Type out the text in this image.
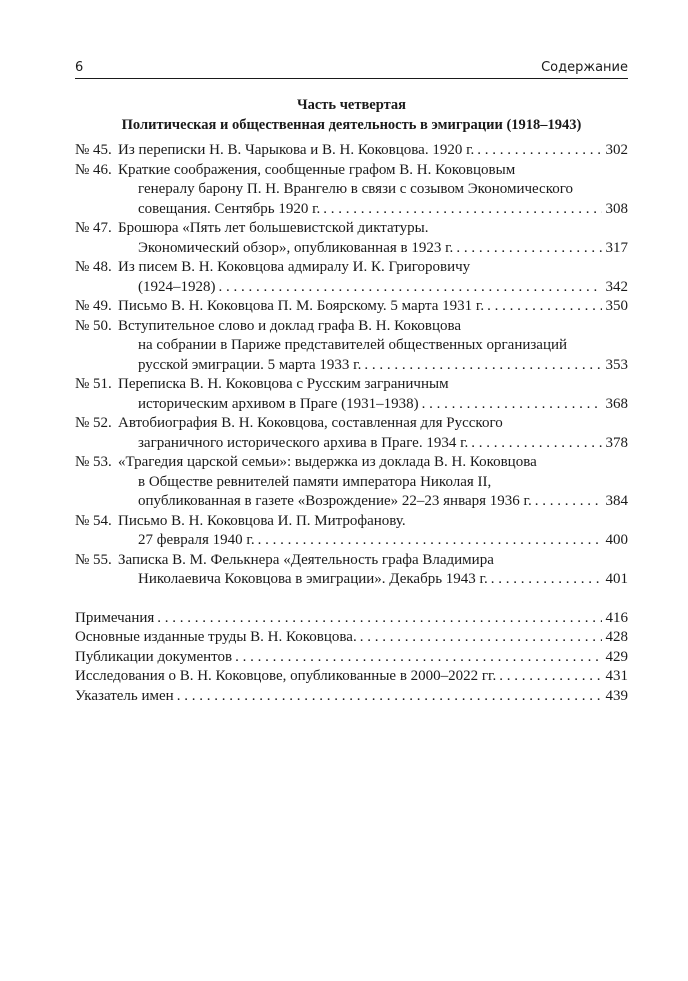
6	Содержание
Часть четвертая
Политическая и общественная деятельность в эмиграции (1918–1943)
№ 45. Из переписки Н. В. Чарыкова и В. Н. Коковцова. 1920 г. . . .	302
№ 46. Краткие соображения, сообщенные графом В. Н. Коковцовым
генералу барону П. Н. Врангелю в связи с созывом Экономического
совещания. Сентябрь 1920 г. . . .	308
№ 47. Брошюра «Пять лет большевистской диктатуры.
Экономический обзор», опубликованная в 1923 г. . . .	317
№ 48. Из писем В. Н. Коковцова адмиралу И. К. Григоровичу
(1924–1928) . . .	342
№ 49. Письмо В. Н. Коковцова П. М. Боярскому. 5 марта 1931 г. . . .	350
№ 50. Вступительное слово и доклад графа В. Н. Коковцова
на собрании в Париже представителей общественных организаций
русской эмиграции. 5 марта 1933 г. . . .	353
№ 51. Переписка В. Н. Коковцова с Русским заграничным
историческим архивом в Праге (1931–1938) . . .	368
№ 52. Автобиография В. Н. Коковцова, составленная для Русского
заграничного исторического архива в Праге. 1934 г. . . .	378
№ 53. «Трагедия царской семьи»: выдержка из доклада В. Н. Коковцова
в Обществе ревнителей памяти императора Николая II,
опубликованная в газете «Возрождение» 22–23 января 1936 г. . . .	384
№ 54. Письмо В. Н. Коковцова И. П. Митрофанову.
27 февраля 1940 г. . . .	400
№ 55. Записка В. М. Фелькнера «Деятельность графа Владимира
Николаевича Коковцова в эмиграции». Декабрь 1943 г. . . .	401
Примечания . . .	416
Основные изданные труды В. Н. Коковцова. . . .	428
Публикации документов . . .	429
Исследования о В. Н. Коковцове, опубликованные в 2000–2022 гг. . . .	431
Указатель имен . . .	439
